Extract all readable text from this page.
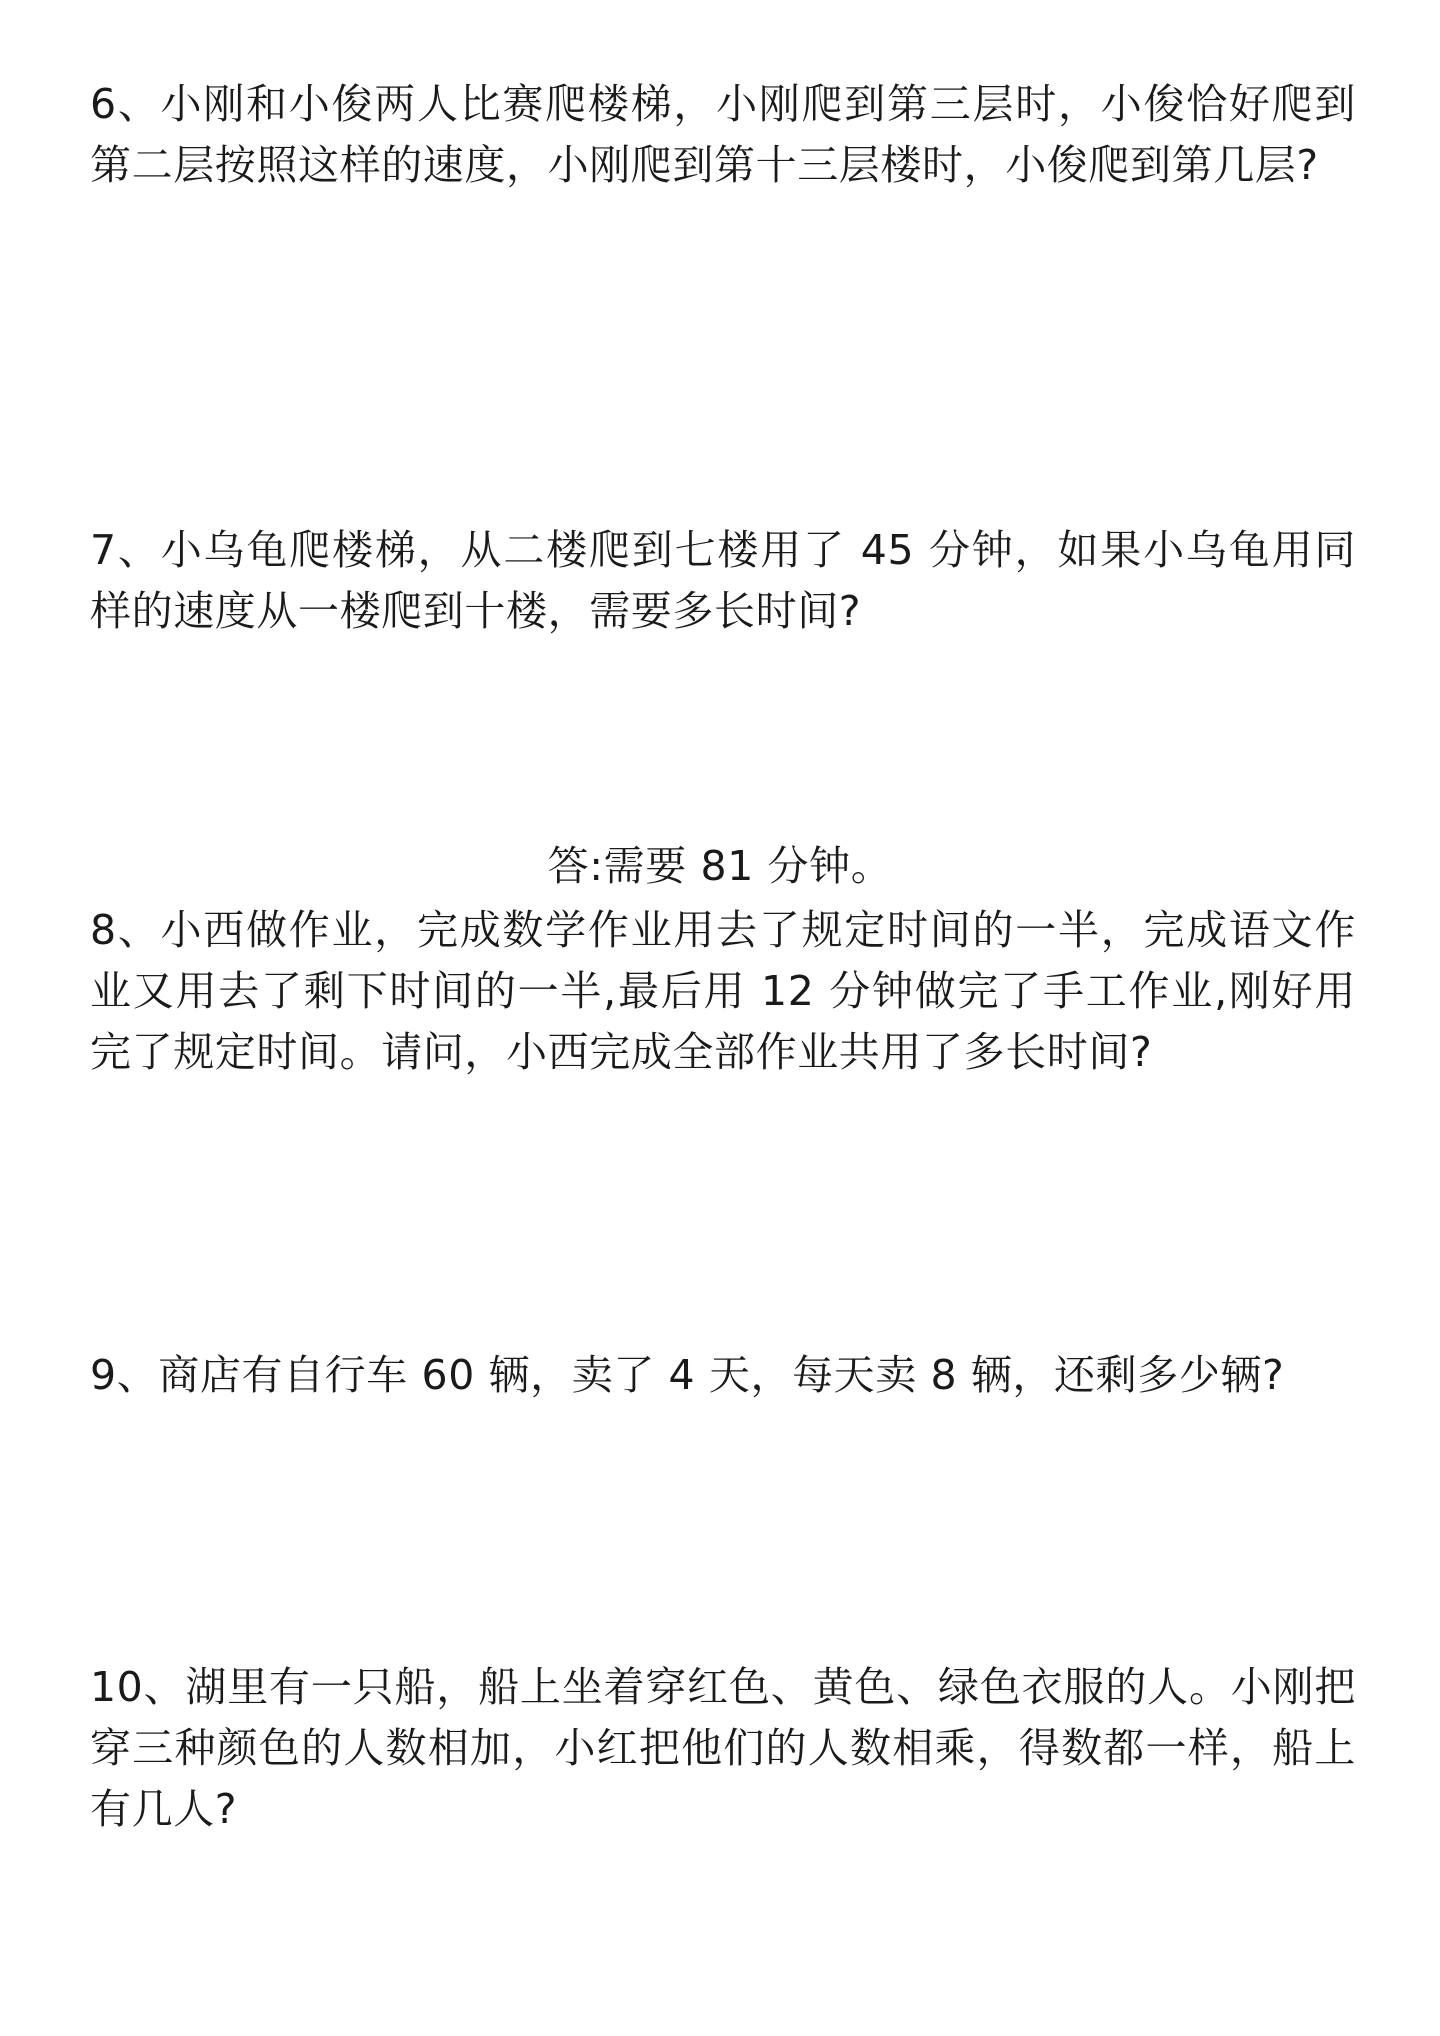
6、小刚和小俊两人比赛爬楼梯，小刚爬到第三层时，小俊恰好爬到第二层按照这样的速度，小刚爬到第十三层楼时，小俊爬到第几层?

7、小乌龟爬楼梯，从二楼爬到七楼用了 45 分钟，如果小乌龟用同样的速度从一楼爬到十楼，需要多长时间?

答:需要 81 分钟。

8、小西做作业，完成数学作业用去了规定时间的一半，完成语文作业又用去了剩下时间的一半,最后用 12 分钟做完了手工作业,刚好用完了规定时间。请问，小西完成全部作业共用了多长时间?

9、商店有自行车 60 辆，卖了 4 天，每天卖 8 辆，还剩多少辆?

10、湖里有一只船，船上坐着穿红色、黄色、绿色衣服的人。小刚把穿三种颜色的人数相加，小红把他们的人数相乘，得数都一样，船上有几人?
